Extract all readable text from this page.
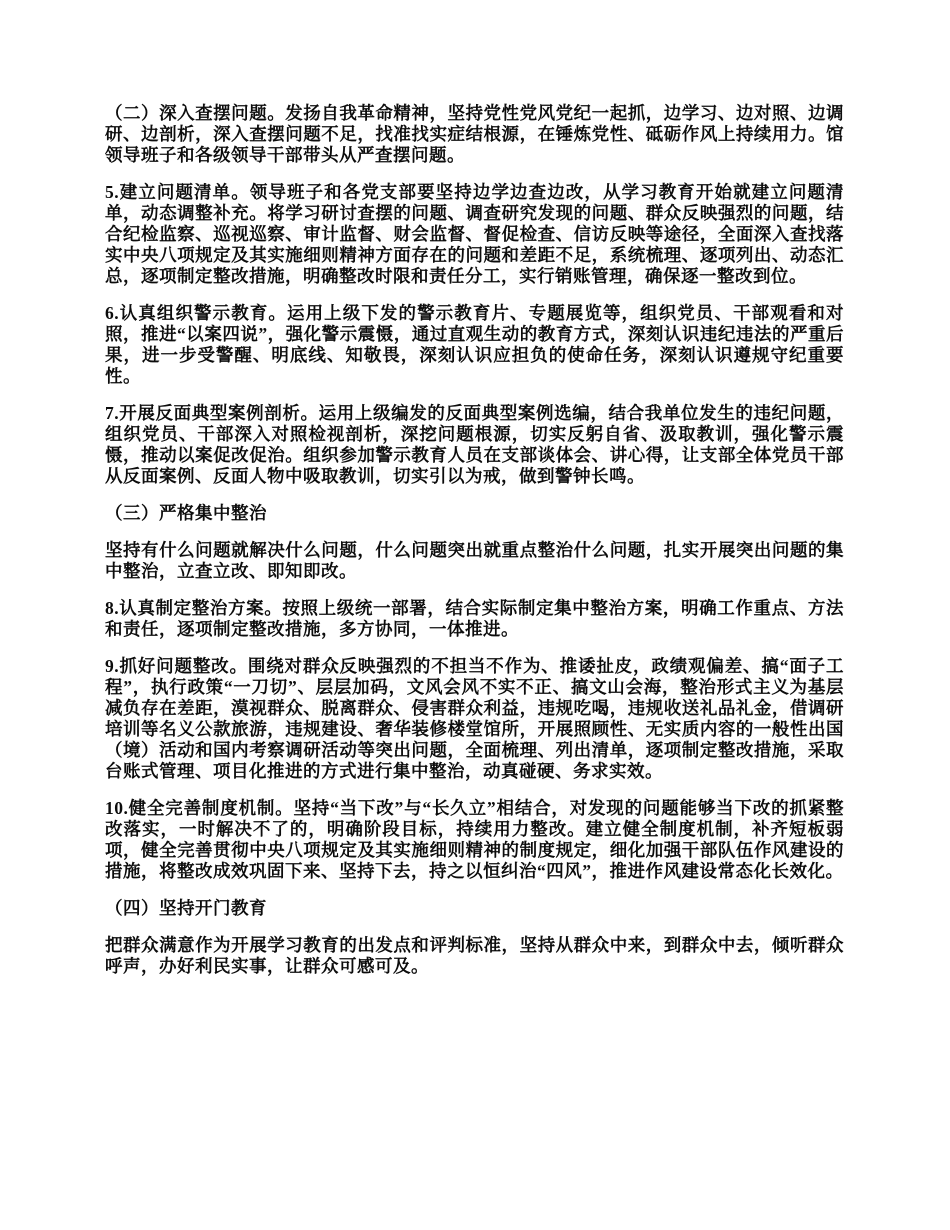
（二）深入查摆问题。发扬自我革命精神，坚持党性党风党纪一起抓，边学习、边对照、边调研、边剖析，深入查摆问题不足，找准找实症结根源，在锤炼党性、砥砺作风上持续用力。馆领导班子和各级领导干部带头从严查摆问题。

5.建立问题清单。领导班子和各党支部要坚持边学边查边改，从学习教育开始就建立问题清单，动态调整补充。将学习研讨查摆的问题、调查研究发现的问题、群众反映强烈的问题，结合纪检监察、巡视巡察、审计监督、财会监督、督促检查、信访反映等途径，全面深入查找落实中央八项规定及其实施细则精神方面存在的问题和差距不足，系统梳理、逐项列出、动态汇总，逐项制定整改措施，明确整改时限和责任分工，实行销账管理，确保逐一整改到位。

6.认真组织警示教育。运用上级下发的警示教育片、专题展览等，组织党员、干部观看和对照，推进“以案四说”，强化警示震慑，通过直观生动的教育方式，深刻认识违纪违法的严重后果，进一步受警醒、明底线、知敬畏，深刻认识应担负的使命任务，深刻认识遵规守纪重要性。

7.开展反面典型案例剖析。运用上级编发的反面典型案例选编，结合我单位发生的违纪问题，组织党员、干部深入对照检视剖析，深挖问题根源，切实反躬自省、汲取教训，强化警示震慑，推动以案促改促治。组织参加警示教育人员在支部谈体会、讲心得，让支部全体党员干部从反面案例、反面人物中吸取教训，切实引以为戒，做到警钟长鸣。

（三）严格集中整治

坚持有什么问题就解决什么问题，什么问题突出就重点整治什么问题，扎实开展突出问题的集中整治，立查立改、即知即改。

8.认真制定整治方案。按照上级统一部署，结合实际制定集中整治方案，明确工作重点、方法和责任，逐项制定整改措施，多方协同，一体推进。

9.抓好问题整改。围绕对群众反映强烈的不担当不作为、推诿扯皮，政绩观偏差、搞“面子工程”，执行政策“一刀切”、层层加码，文风会风不实不正、搞文山会海，整治形式主义为基层减负存在差距，漠视群众、脱离群众、侵害群众利益，违规吃喝，违规收送礼品礼金，借调研培训等名义公款旅游，违规建设、奢华装修楼堂馆所，开展照顾性、无实质内容的一般性出国（境）活动和国内考察调研活动等突出问题，全面梳理、列出清单，逐项制定整改措施，采取台账式管理、项目化推进的方式进行集中整治，动真碰硬、务求实效。

10.健全完善制度机制。坚持“当下改”与“长久立”相结合，对发现的问题能够当下改的抓紧整改落实，一时解决不了的，明确阶段目标，持续用力整改。建立健全制度机制，补齐短板弱项，健全完善贯彻中央八项规定及其实施细则精神的制度规定，细化加强干部队伍作风建设的措施，将整改成效巩固下来、坚持下去，持之以恒纠治“四风”，推进作风建设常态化长效化。

（四）坚持开门教育

把群众满意作为开展学习教育的出发点和评判标准，坚持从群众中来，到群众中去，倾听群众呼声，办好利民实事，让群众可感可及。
